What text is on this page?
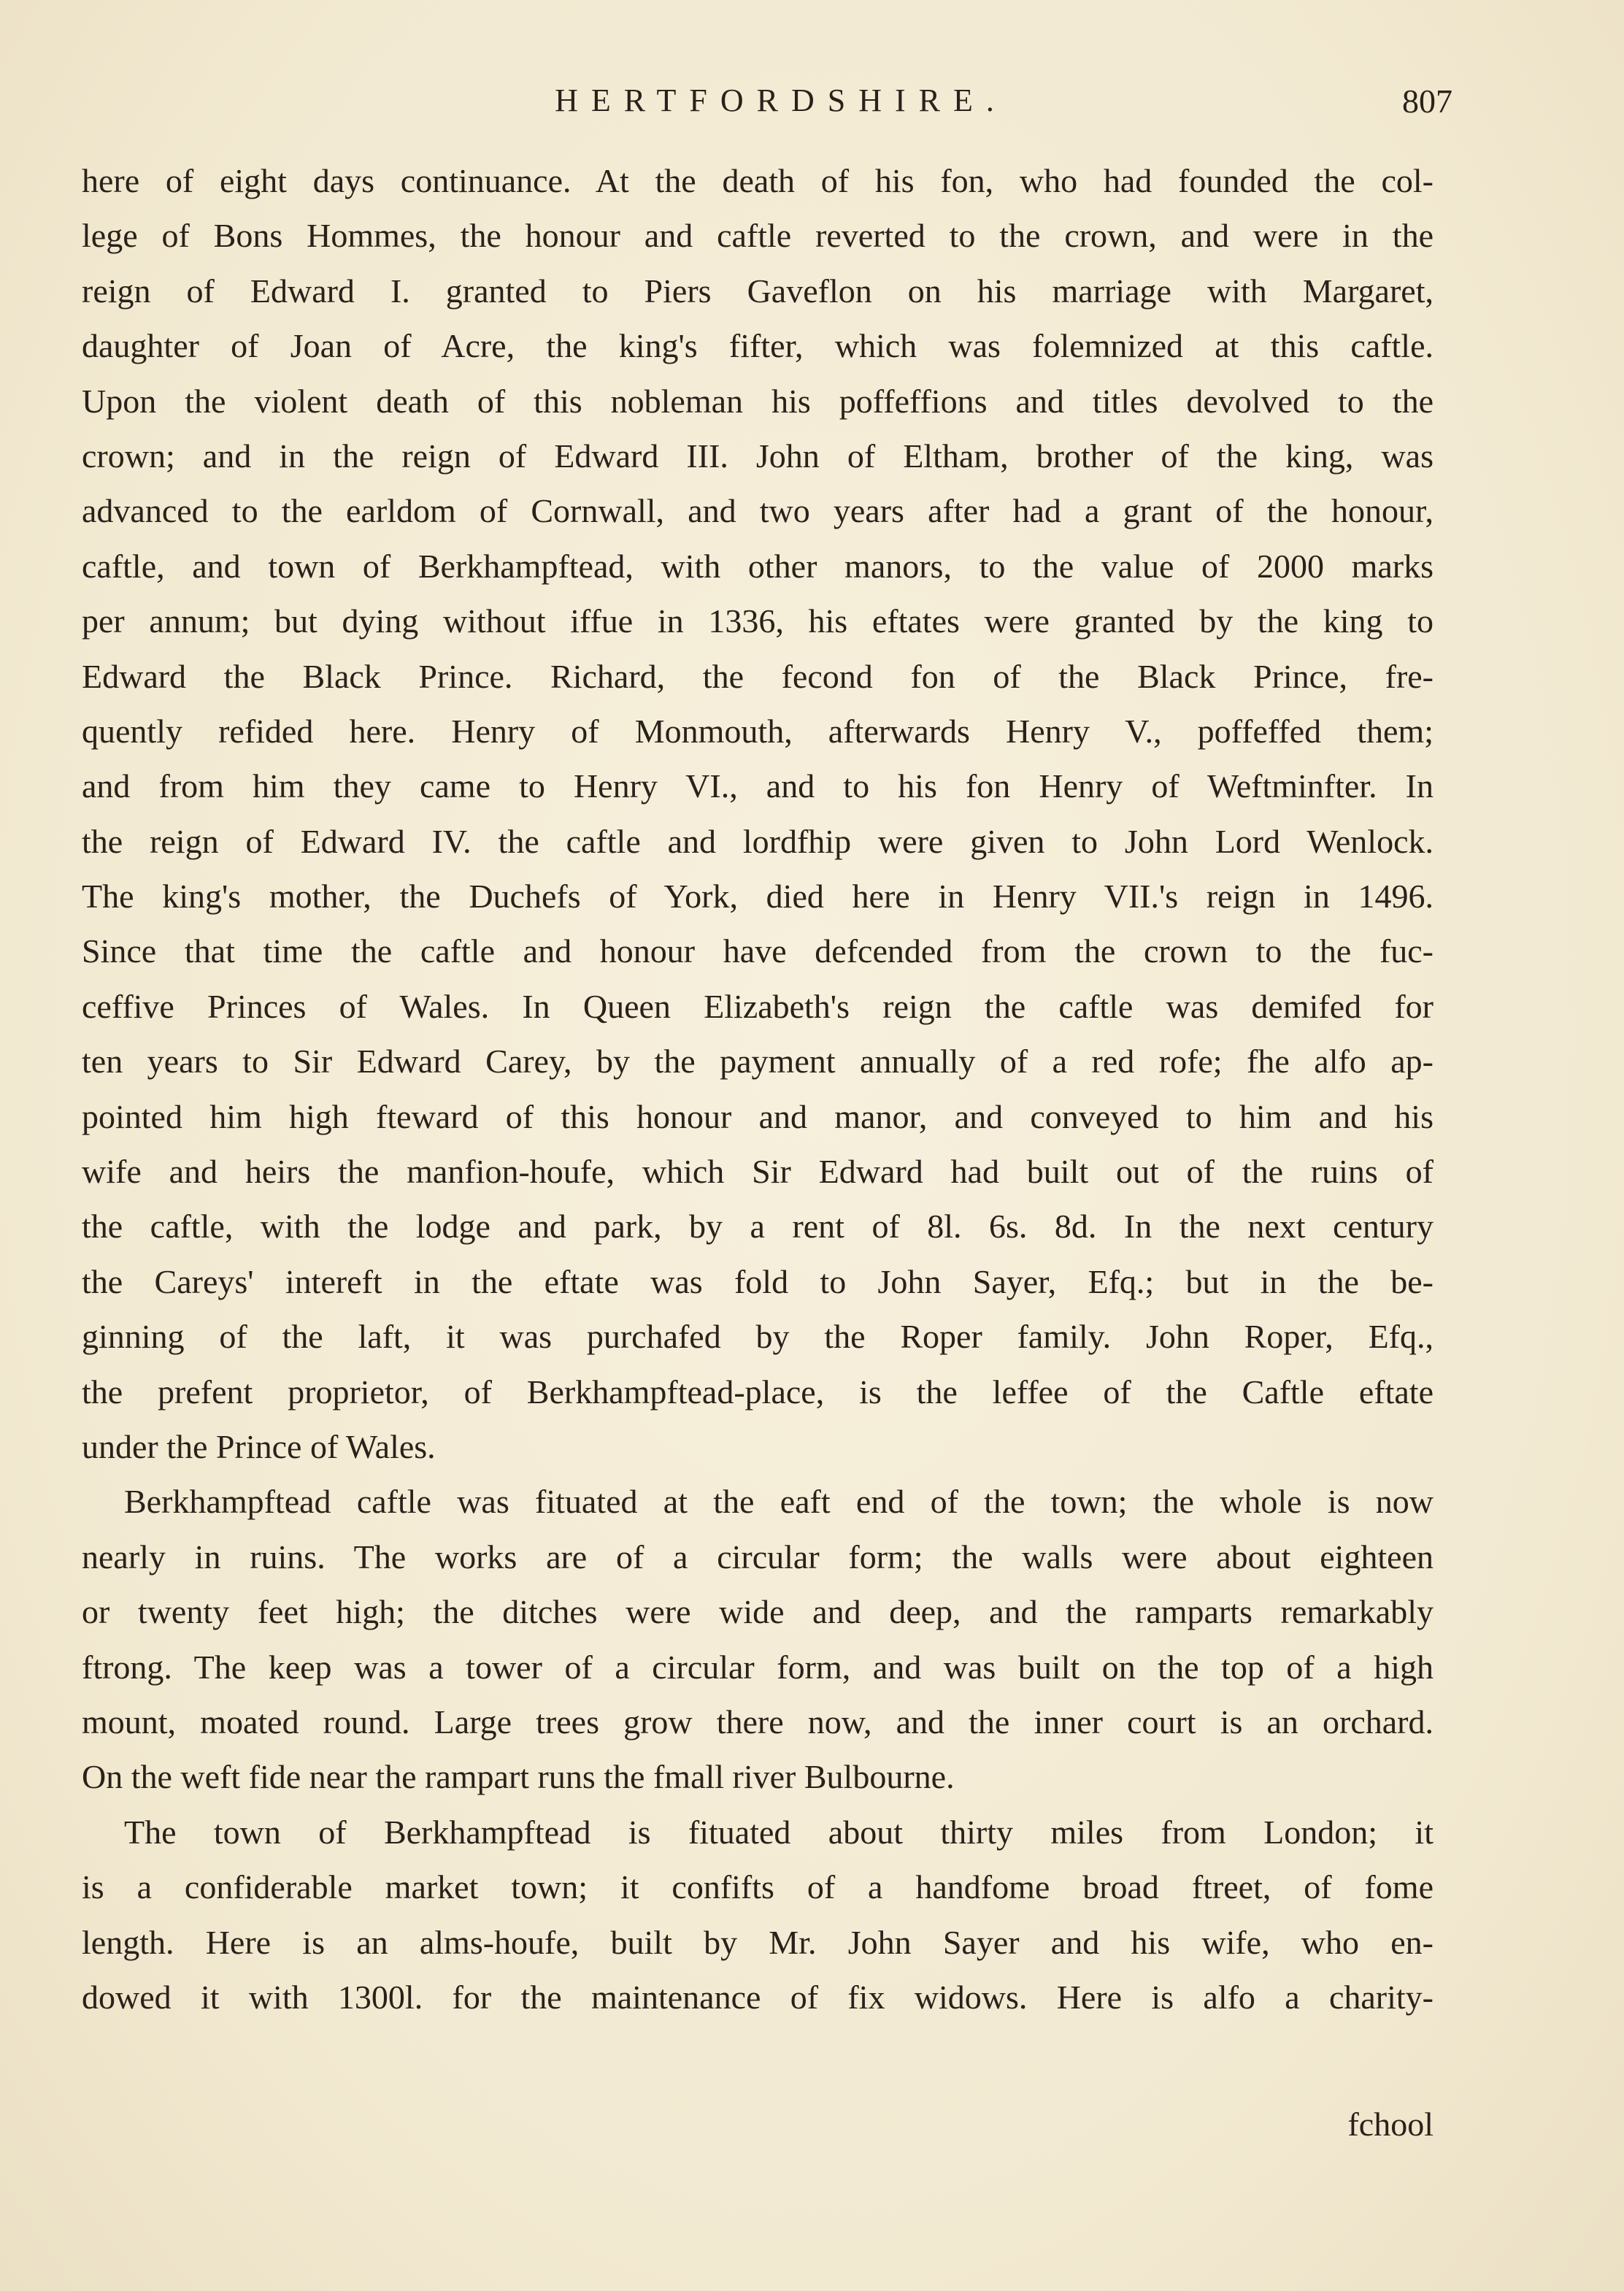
HERTFORDSHIRE.	807
here of eight days continuance. At the death of his fon, who had founded the col-
lege of Bons Hommes, the honour and caftle reverted to the crown, and were in the
reign of Edward I. granted to Piers Gaveflon on his marriage with Margaret,
daughter of Joan of Acre, the king's fifter, which was folemnized at this caftle.
Upon the violent death of this nobleman his poffeffions and titles devolved to the
crown; and in the reign of Edward III. John of Eltham, brother of the king, was
advanced to the earldom of Cornwall, and two years after had a grant of the honour,
caftle, and town of Berkhampftead, with other manors, to the value of 2000 marks
per annum; but dying without iffue in 1336, his eftates were granted by the king to
Edward the Black Prince. Richard, the fecond fon of the Black Prince, fre-
quently refided here. Henry of Monmouth, afterwards Henry V., poffeffed them;
and from him they came to Henry VI., and to his fon Henry of Weftminfter. In
the reign of Edward IV. the caftle and lordfhip were given to John Lord Wenlock.
The king's mother, the Duchefs of York, died here in Henry VII.'s reign in 1496.
Since that time the caftle and honour have defcended from the crown to the fuc-
ceffive Princes of Wales. In Queen Elizabeth's reign the caftle was demifed for
ten years to Sir Edward Carey, by the payment annually of a red rofe; fhe alfo ap-
pointed him high fteward of this honour and manor, and conveyed to him and his
wife and heirs the manfion-houfe, which Sir Edward had built out of the ruins of
the caftle, with the lodge and park, by a rent of 8l. 6s. 8d. In the next century
the Careys' intereft in the eftate was fold to John Sayer, Efq.; but in the be-
ginning of the laft, it was purchafed by the Roper family. John Roper, Efq.,
the prefent proprietor, of Berkhampftead-place, is the leffee of the Caftle eftate
under the Prince of Wales.
Berkhampftead caftle was fituated at the eaft end of the town; the whole is now
nearly in ruins. The works are of a circular form; the walls were about eighteen
or twenty feet high; the ditches were wide and deep, and the ramparts remarkably
ftrong. The keep was a tower of a circular form, and was built on the top of a high
mount, moated round. Large trees grow there now, and the inner court is an orchard.
On the weft fide near the rampart runs the fmall river Bulbourne.
The town of Berkhampftead is fituated about thirty miles from London; it
is a confiderable market town; it confifts of a handfome broad ftreet, of fome
length. Here is an alms-houfe, built by Mr. John Sayer and his wife, who en-
dowed it with 1300l. for the maintenance of fix widows. Here is alfo a charity-
fchool
